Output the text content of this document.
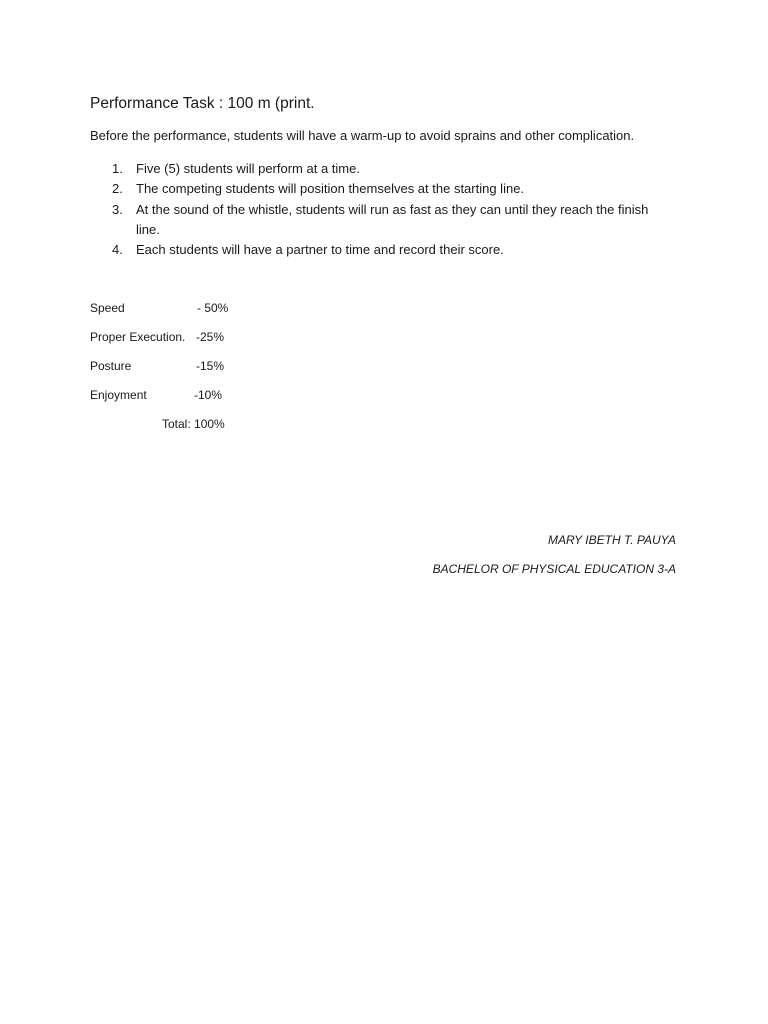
Performance Task : 100 m (print.
Before the performance, students will have a warm-up to avoid sprains and other complication.
1. Five (5) students will perform at a time.
2. The competing students will position themselves at the starting line.
3. At the sound of the whistle, students will run as fast as they can until they reach the finish line.
4. Each students will have a partner to time and record their score.
Speed	- 50%
Proper Execution. -25%
Posture	-15%
Enjoyment	-10%
Total: 100%
MARY IBETH T. PAUYA
BACHELOR OF PHYSICAL EDUCATION 3-A
